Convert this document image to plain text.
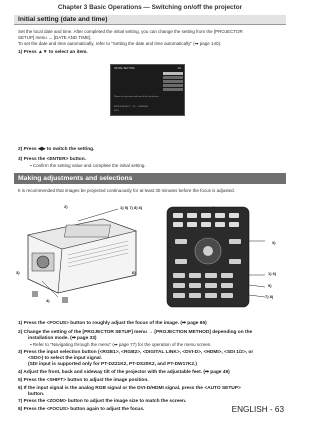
Chapter 3 Basic Operations — Switching on/off the projector
Initial setting (date and time)
Set the local date and time. After completed the initial setting, you can change the setting from the [PROJECTOR
SETUP] menu → [DATE AND TIME].
To set the date and time automatically, refer to "Setting the date and time automatically" (➡ page 140).
1) Press ▲▼ to select an item.
INITIAL SETTING	4/4
Please set the date and time of the local place.
ENTER SELECT OK CONFIRM
EXIT
2) Press ◀▶ to switch the setting.
3) Press the <ENTER> button.
▪ Confirm the setting value and complete the initial setting.
Making adjustments and selections
It is recommended that images be projected continuously for at least 30 minutes before the focus is adjusted.
2)	1) 5) 7) 8) 6)
3)
4)
6)
2)
6)
1) 6)
5)
7) 8)
3)
1) Press the <FOCUS> button to roughly adjust the focus of the image. (➡ page 65)
2) Change the setting of the [PROJECTOR SETUP] menu → [PROJECTION METHOD] depending on the
installation mode. (➡ page 33)
▪ Refer to "Navigating through the menu" (➡ page 77) for the operation of the menu screen.
3) Press the input selection button (<RGB1>, <RGB2>, <DIGITAL LINK>, <DVI-D>, <HDMI>, <SDI 1/2>, or
<SDI>) to select the input signal.
(SDI input is supported only for PT-DZ21K2, PT-DS20K2, and PT-DW17K2.)
4) Adjust the front, back and sideway tilt of the projector with the adjustable feet. (➡ page 49)
5) Press the <SHIFT> button to adjust the image position.
6) If the input signal is the analog RGB signal or the DVI-D/HDMI signal, press the <AUTO SETUP>
button.
7) Press the <ZOOM> button to adjust the image size to match the screen.
8) Press the <FOCUS> button again to adjust the focus.	ENGLISH - 63
